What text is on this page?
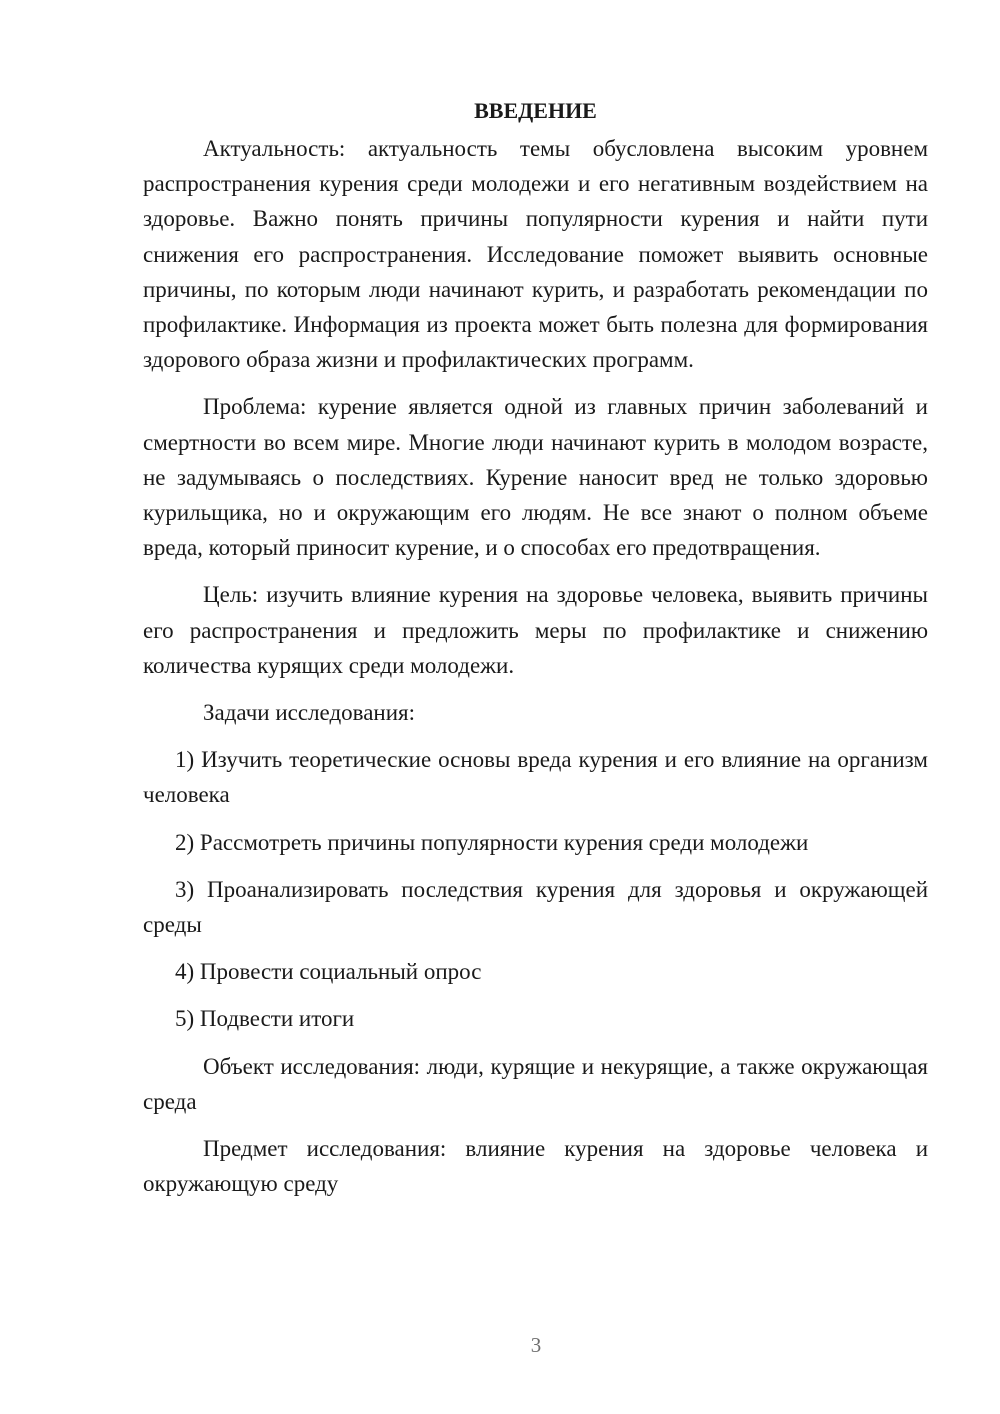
ВВЕДЕНИЕ

Актуальность: актуальность темы обусловлена высоким уровнем распространения курения среди молодежи и его негативным воздействием на здоровье. Важно понять причины популярности курения и найти пути снижения его распространения. Исследование поможет выявить основные причины, по которым люди начинают курить, и разработать рекомендации по профилактике. Информация из проекта может быть полезна для формирования здорового образа жизни и профилактических программ.

Проблема: курение является одной из главных причин заболеваний и смертности во всем мире. Многие люди начинают курить в молодом возрасте, не задумываясь о последствиях. Курение наносит вред не только здоровью курильщика, но и окружающим его людям. Не все знают о полном объеме вреда, который приносит курение, и о способах его предотвращения.

Цель: изучить влияние курения на здоровье человека, выявить причины его распространения и предложить меры по профилактике и снижению количества курящих среди молодежи.

Задачи исследования:

1) Изучить теоретические основы вреда курения и его влияние на организм человека

2) Рассмотреть причины популярности курения среди молодежи

3) Проанализировать последствия курения для здоровья и окружающей среды

4) Провести социальный опрос

5) Подвести итоги

Объект исследования: люди, курящие и некурящие, а также окружающая среда

Предмет исследования: влияние курения на здоровье человека и окружающую среду

3
